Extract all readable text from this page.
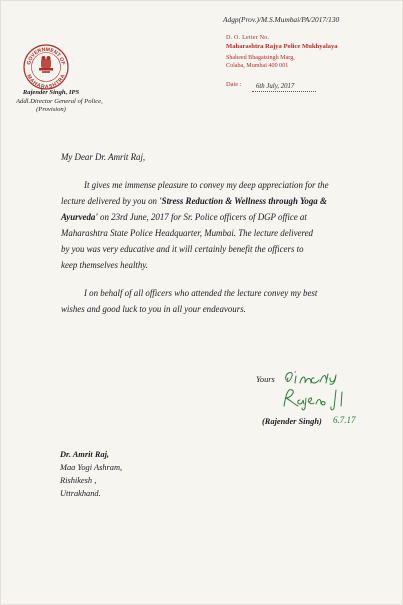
GOVERNMENT OF
MAHARASHTRA
Adgp(Prov.)/M.S.Mumbai/PA/2017/130
D. O. Letter No.
Maharashtra Rajya Police Mukhyalaya
Shaheed Bhagatsingh Marg,
Colaba, Mumbai 400 001
Date : 6th July, 2017
Rajender Singh, IPS
Addl.Director General of Police,
(Provision)
My Dear Dr. Amrit Raj,
It gives me immense pleasure to convey my deep appreciation for the
lecture delivered by you on 'Stress Reduction & Wellness through Yoga &
Ayurveda' on 23rd June, 2017 for Sr. Police officers of DGP office at
Maharashtra State Police Headquarter, Mumbai. The lecture delivered
by you was very educative and it will certainly benefit the officers to
keep themselves healthy.
I on behalf of all officers who attended the lecture convey my best
wishes and good luck to you in all your endeavours.
Yours
(Rajender Singh) 6.7.17
Dr. Amrit Raj,
Maa Yogi Ashram,
Rishikesh ,
Uttrakhand.
